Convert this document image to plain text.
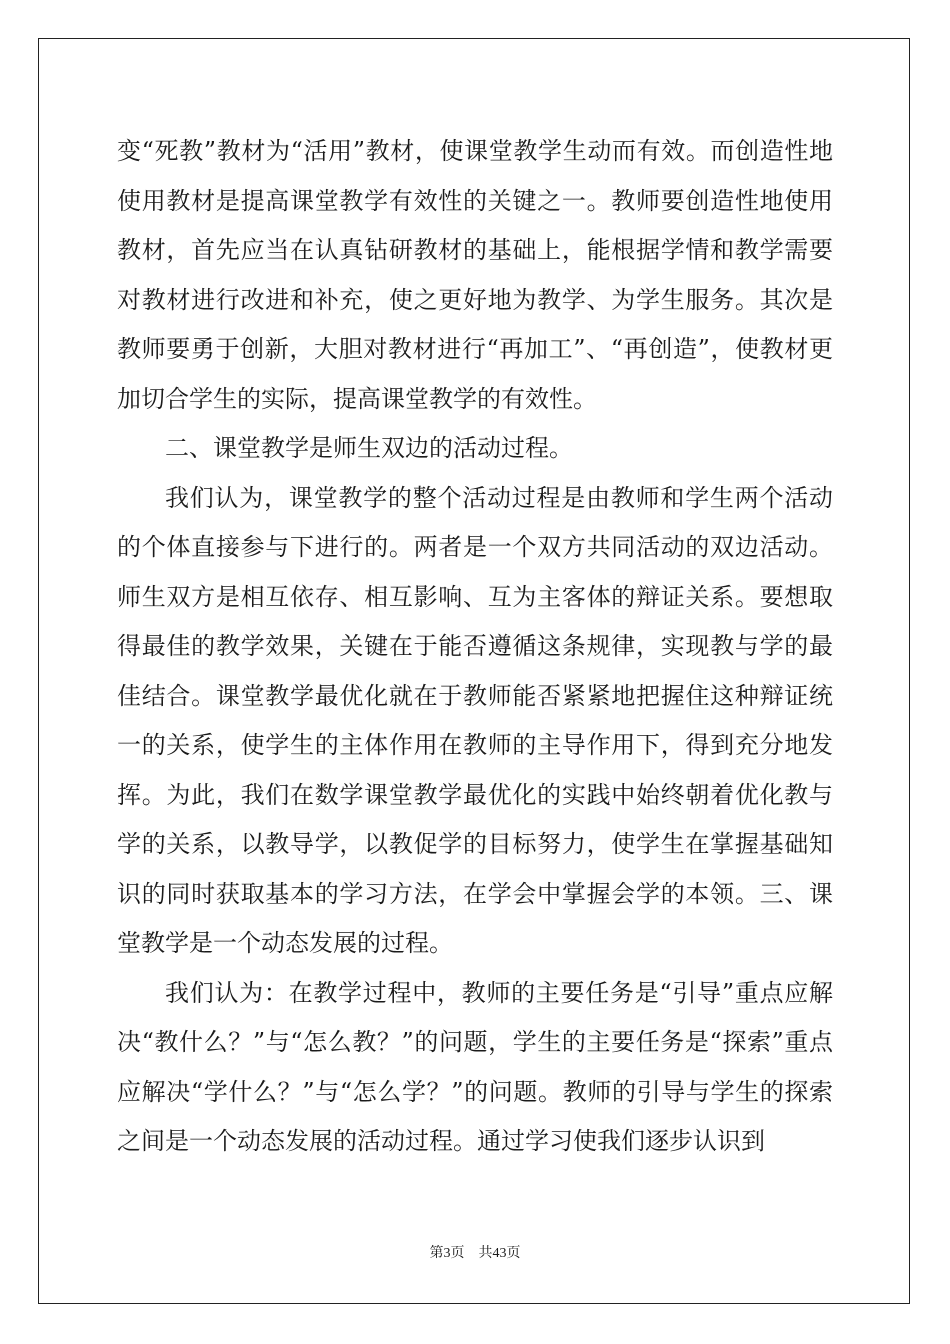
变“死教”教材为“活用”教材，使课堂教学生动而有效。而创造性地使用教材是提高课堂教学有效性的关键之一。教师要创造性地使用教材，首先应当在认真钻研教材的基础上，能根据学情和教学需要对教材进行改进和补充，使之更好地为教学、为学生服务。其次是教师要勇于创新，大胆对教材进行“再加工”、“再创造”，使教材更加切合学生的实际，提高课堂教学的有效性。

二、课堂教学是师生双边的活动过程。

我们认为，课堂教学的整个活动过程是由教师和学生两个活动的个体直接参与下进行的。两者是一个双方共同活动的双边活动。师生双方是相互依存、相互影响、互为主客体的辩证关系。要想取得最佳的教学效果，关键在于能否遵循这条规律，实现教与学的最佳结合。课堂教学最优化就在于教师能否紧紧地把握住这种辩证统一的关系，使学生的主体作用在教师的主导作用下，得到充分地发挥。为此，我们在数学课堂教学最优化的实践中始终朝着优化教与学的关系，以教导学，以教促学的目标努力，使学生在掌握基础知识的同时获取基本的学习方法，在学会中掌握会学的本领。三、课堂教学是一个动态发展的过程。

我们认为：在教学过程中，教师的主要任务是“引导”重点应解决“教什么？”与“怎么教？”的问题，学生的主要任务是“探索”重点应解决“学什么？”与“怎么学？”的问题。教师的引导与学生的探索之间是一个动态发展的活动过程。通过学习使我们逐步认识到

第3页 共43页
